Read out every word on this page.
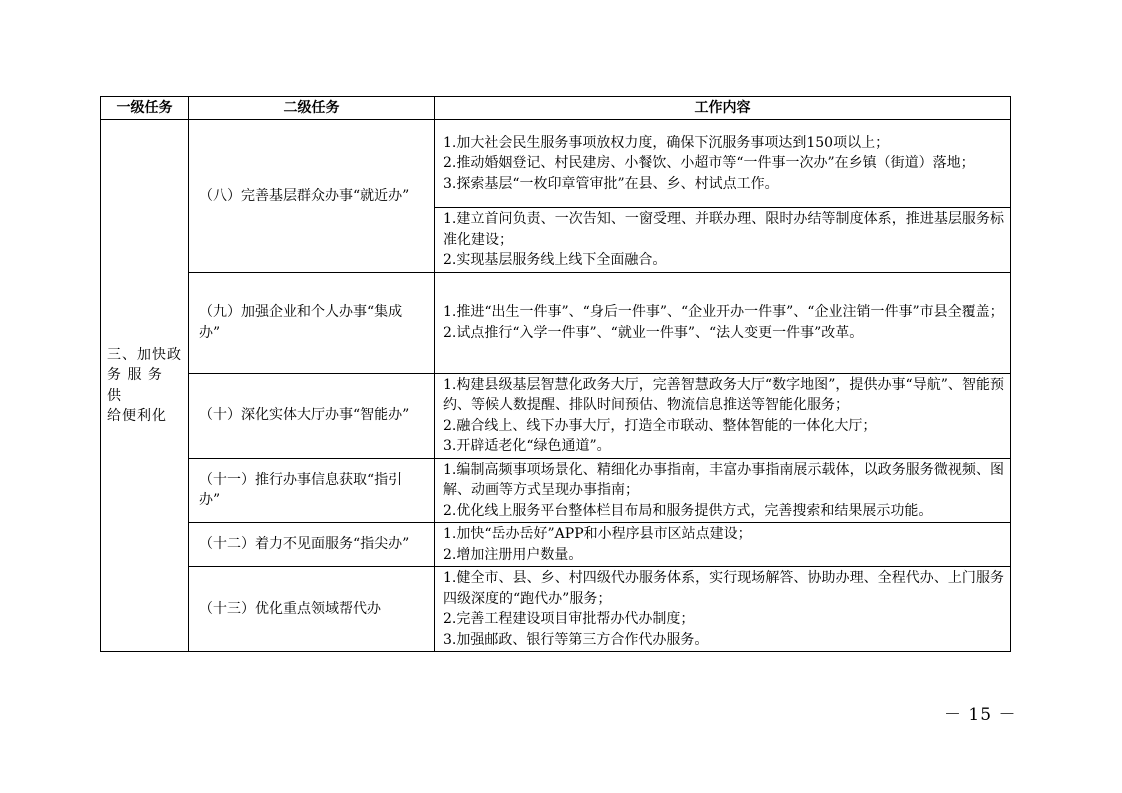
一级任务	二级任务	工作内容

三、加快政
务 服 务 供
给便利化	（八）完善基层群众办事“就近办”	1.加大社会民生服务事项放权力度，确保下沉服务事项达到150项以上；
2.推动婚姻登记、村民建房、小餐饮、小超市等“一件事一次办”在乡镇（街道）落地；
3.探索基层“一枚印章管审批”在县、乡、村试点工作。

		1.建立首问负责、一次告知、一窗受理、并联办理、限时办结等制度体系，推进基层服务标准化建设；
2.实现基层服务线上线下全面融合。

	（九）加强企业和个人办事“集成
办”	1.推进“出生一件事”、“身后一件事”、“企业开办一件事”、“企业注销一件事”市县全覆盖；
2.试点推行“入学一件事”、“就业一件事”、“法人变更一件事”改革。

	（十）深化实体大厅办事“智能办”	1.构建县级基层智慧化政务大厅，完善智慧政务大厅“数字地图”，提供办事“导航”、智能预约、等候人数提醒、排队时间预估、物流信息推送等智能化服务；
2.融合线上、线下办事大厅，打造全市联动、整体智能的一体化大厅；
3.开辟适老化“绿色通道”。

	（十一）推行办事信息获取“指引
办”	1.编制高频事项场景化、精细化办事指南，丰富办事指南展示载体，以政务服务微视频、图解、动画等方式呈现办事指南；
2.优化线上服务平台整体栏目布局和服务提供方式，完善搜索和结果展示功能。

	（十二）着力不见面服务“指尖办”	1.加快“岳办岳好”APP和小程序县市区站点建设；
2.增加注册用户数量。

	（十三）优化重点领域帮代办	1.健全市、县、乡、村四级代办服务体系，实行现场解答、协助办理、全程代办、上门服务四级深度的“跑代办”服务；
2.完善工程建设项目审批帮办代办制度；
3.加强邮政、银行等第三方合作代办服务。
－ 15 －
